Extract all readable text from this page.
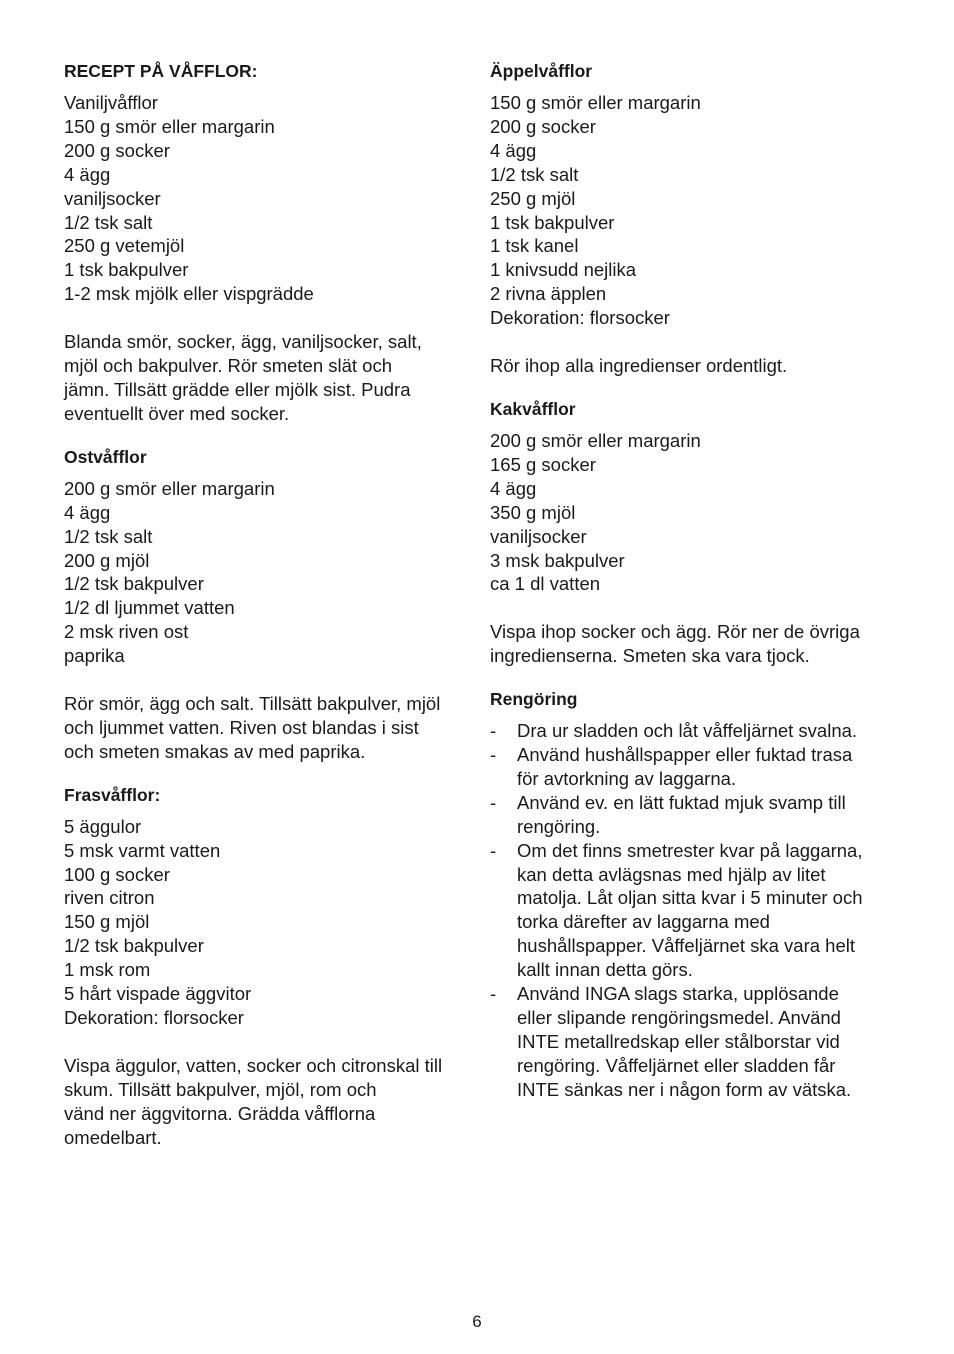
RECEPT PÅ VÅFFLOR:
Vaniljvåfflor
150 g smör eller margarin
200 g socker
4 ägg
vaniljsocker
1/2 tsk salt
250 g vetemjöl
1 tsk bakpulver
1-2 msk mjölk eller vispgrädde
Blanda smör, socker, ägg, vaniljsocker, salt,
mjöl och bakpulver. Rör smeten slät och
jämn. Tillsätt grädde eller mjölk sist. Pudra
eventuellt över med socker.
Ostvåfflor
200 g smör eller margarin
4 ägg
1/2 tsk salt
200 g mjöl
1/2 tsk bakpulver
1/2 dl ljummet vatten
2 msk riven ost
paprika
Rör smör, ägg och salt. Tillsätt bakpulver, mjöl
och ljummet vatten. Riven ost blandas i sist
och smeten smakas av med paprika.
Frasvåfflor:
5 äggulor
5 msk varmt vatten
100 g socker
riven citron
150 g mjöl
1/2 tsk bakpulver
1 msk rom
5 hårt vispade äggvitor
Dekoration: florsocker
Vispa äggulor, vatten, socker och citronskal till
skum. Tillsätt bakpulver, mjöl, rom och
vänd ner äggvitorna. Grädda våfflorna
omedelbart.
Äppelvåfflor
150 g smör eller margarin
200 g socker
4 ägg
1/2 tsk salt
250 g mjöl
1 tsk bakpulver
1 tsk kanel
1 knivsudd nejlika
2 rivna äpplen
Dekoration: florsocker
Rör ihop alla ingredienser ordentligt.
Kakvåfflor
200 g smör eller margarin
165 g socker
4 ägg
350 g mjöl
vaniljsocker
3 msk bakpulver
ca 1 dl vatten
Vispa ihop socker och ägg. Rör ner de övriga
ingredienserna. Smeten ska vara tjock.
Rengöring
- Dra ur sladden och låt våffeljärnet svalna.
- Använd hushållspapper eller fuktad trasa
för avtorkning av laggarna.
- Använd ev. en lätt fuktad mjuk svamp till
rengöring.
- Om det finns smetrester kvar på laggarna,
kan detta avlägsnas med hjälp av litet
matolja. Låt oljan sitta kvar i 5 minuter och
torka därefter av laggarna med
hushållspapper. Våffeljärnet ska vara helt
kallt innan detta görs.
- Använd INGA slags starka, upplösande
eller slipande rengöringsmedel. Använd
INTE metallredskap eller stålborstar vid
rengöring. Våffeljärnet eller sladden får
INTE sänkas ner i någon form av vätska.
6
